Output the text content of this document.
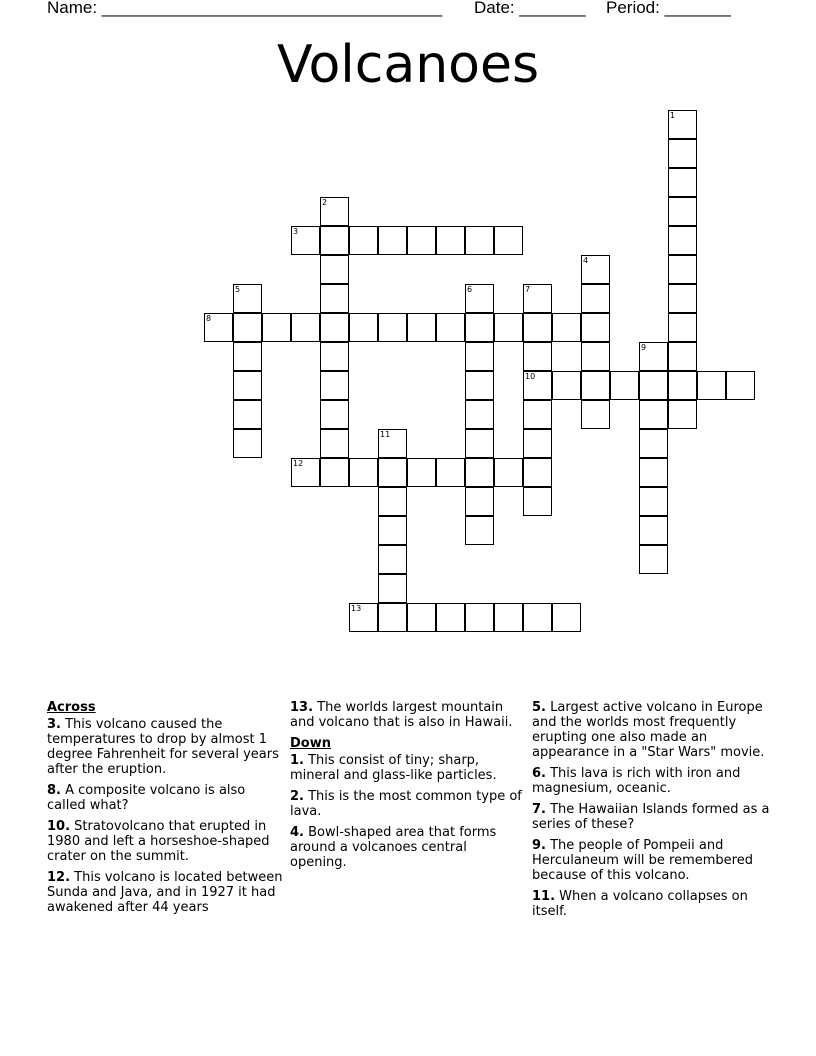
Name: ____________________________________ Date: _______ Period: _______
Volcanoes
1
2
3
4
5	6	7
10
8
9
11
12
13
Across
3. This volcano caused the temperatures to drop by almost 1 degree Fahrenheit for several years after the eruption.
8. A composite volcano is also called what?
10. Stratovolcano that erupted in 1980 and left a horseshoe-shaped crater on the summit.
12. This volcano is located between Sunda and Java, and in 1927 it had awakened after 44 years
13. The worlds largest mountain and volcano that is also in Hawaii.
Down
1. This consist of tiny; sharp, mineral and glass-like particles.
2. This is the most common type of lava.
4. Bowl-shaped area that forms around a volcanoes central opening.
5. Largest active volcano in Europe and the worlds most frequently erupting one also made an appearance in a "Star Wars" movie.
6. This lava is rich with iron and magnesium, oceanic.
7. The Hawaiian Islands formed as a series of these?
9. The people of Pompeii and Herculaneum will be remembered because of this volcano.
11. When a volcano collapses on itself.
